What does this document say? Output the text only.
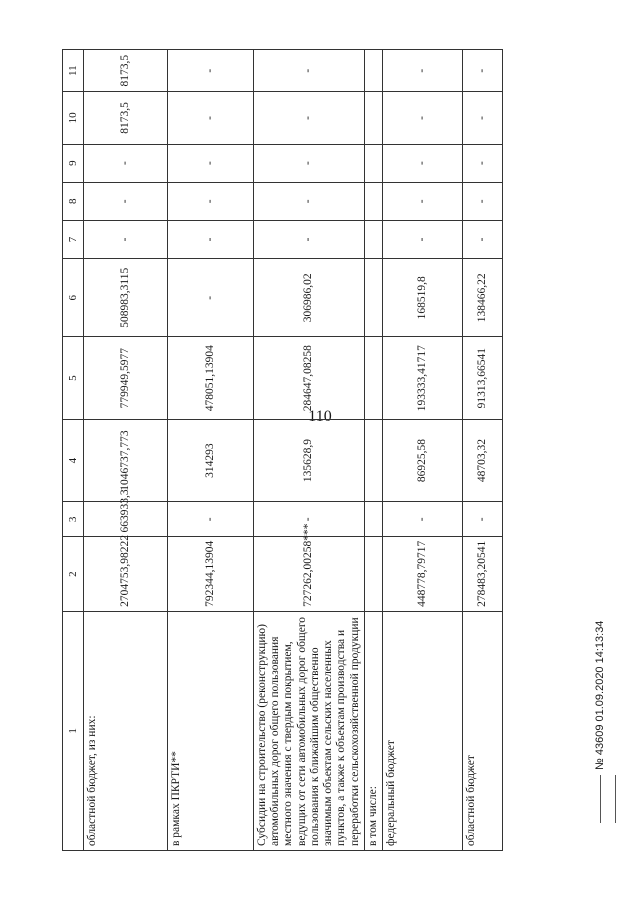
110
1	2	3	4	5	6	7	8	9	10	11
областной бюджет, из них:	2704753,98222	663933,3	1046737,773	779949,5977	508983,3115	-	-	-	8173,5	8173,5
в рамках ПКРТИ**	792344,13904	-	314293	478051,13904	-	-	-	-	-	-
Субсидии на строительство (реконструкцию) автомобильных дорог общего пользования местного значения с твердым покрытием, ведущих от сети автомобильных дорог общего пользования к ближайшим общественно значимым объектам сельских населенных пунктов, а также к объектам производства и переработки сельскохозяйственной продукции	727262,00258***	-	135628,9	284647,08258	306986,02	-	-	-	-	-
в том числе:										
федеральный бюджет	448778,79717	-	86925,58	193333,41717	168519,8	-	-	-	-	-
областной бюджет	278483,20541	-	48703,32	91313,66541	138466,22	-	-	-	-	-
№ 43609 01.09.2020 14:13:34
